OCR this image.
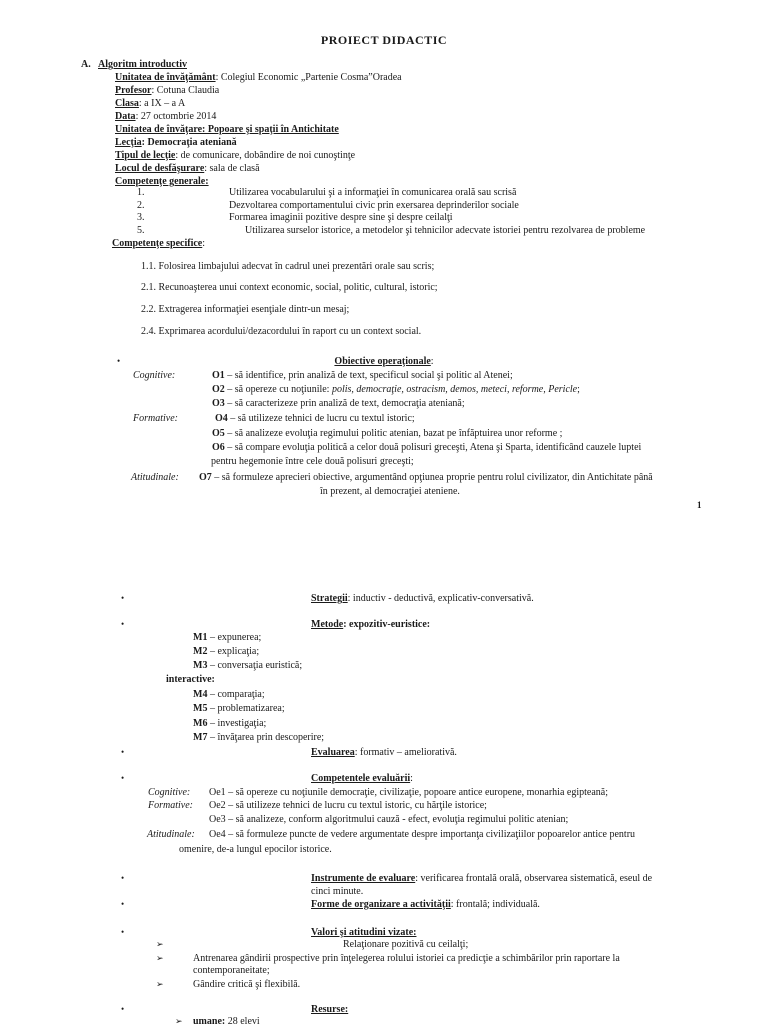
PROIECT DIDACTIC
A. Algoritm introductiv
Unitatea de învăţământ: Colegiul Economic „Partenie Cosma”Oradea
Profesor: Cotuna Claudia
Clasa: a IX – a A
Data: 27 octombrie 2014
Unitatea de învăţare: Popoare şi spaţii în Antichitate
Lecţia: Democraţia ateniană
Tipul de lecţie: de comunicare, dobândire de noi cunoştinţe
Locul de desfăşurare: sala de clasă
Competenţe generale:
1.	Utilizarea vocabularului şi a informaţiei în comunicarea orală sau scrisă
2.	Dezvoltarea comportamentului civic prin exersarea deprinderilor sociale
3.	Formarea imaginii pozitive despre sine şi despre ceilalţi
5.	Utilizarea surselor istorice, a metodelor şi tehnicilor adecvate istoriei pentru rezolvarea de probleme
Competenţe specifice:
1.1. Folosirea limbajului adecvat în cadrul unei prezentări orale sau scris;
2.1. Recunoaşterea unui context economic, social, politic, cultural, istoric;
2.2. Extragerea informaţiei esenţiale dintr-un mesaj;
2.4. Exprimarea acordului/dezacordului în raport cu un context social.
•	Obiective operaţionale:
Cognitive:	O1 – să identifice, prin analiză de text, specificul social şi politic al Atenei;
O2 – să opereze cu noţiunile: polis, democraţie, ostracism, demos, meteci, reforme, Pericle;
O3 – să caracterizeze prin analiză de text, democraţia ateniană;
Formative:	O4 – să utilizeze tehnici de lucru cu textul istoric;
O5 – să analizeze evoluţia regimului politic atenian, bazat pe înfăptuirea unor reforme ;
O6 – să compare evoluţia politică a celor două polisuri greceşti, Atena şi Sparta, identificând cauzele luptei
pentru hegemonie între cele două polisuri greceşti;
Atitudinale: O7 – să formuleze aprecieri obiective, argumentând opţiunea proprie pentru rolul civilizator, din Antichitate până
în prezent, al democraţiei ateniene.
1
•	Strategii: inductiv - deductivă, explicativ-conversativă.
•	Metode: expozitiv-euristice:
M1 – expunerea;
M2 – explicaţia;
M3 – conversaţia euristică;
interactive:
M4 – comparaţia;
M5 – problematizarea;
M6 – investigaţia;
M7 – învăţarea prin descoperire;
•	Evaluarea: formativ – ameliorativă.
•	Competentele evaluării:
Cognitive: Oe1 – să opereze cu noţiunile democraţie, civilizaţie, popoare antice europene, monarhia egipteană;
Formative: Oe2 – să utilizeze tehnici de lucru cu textul istoric, cu hărţile istorice;
Oe3 – să analizeze, conform algoritmului cauză - efect, evoluţia regimului politic atenian;
Atitudinale: Oe4 – să formuleze puncte de vedere argumentate despre importanţa civilizaţiilor popoarelor antice pentru
omenire, de-a lungul epocilor istorice.
•	Instrumente de evaluare: verificarea frontală orală, observarea sistematică, eseul de
cinci minute.
•	Forme de organizare a activităţii: frontală; individuală.
•	Valori şi atitudini vizate:
➢	Relaţionare pozitivă cu ceilalţi;
➢	Antrenarea gândirii prospective prin înţelegerea rolului istoriei ca predicţie a schimbărilor prin raportare la
contemporaneitate;
➢	Gândire critică şi flexibilă.
•	Resurse:
➢ umane: 28 elevi
